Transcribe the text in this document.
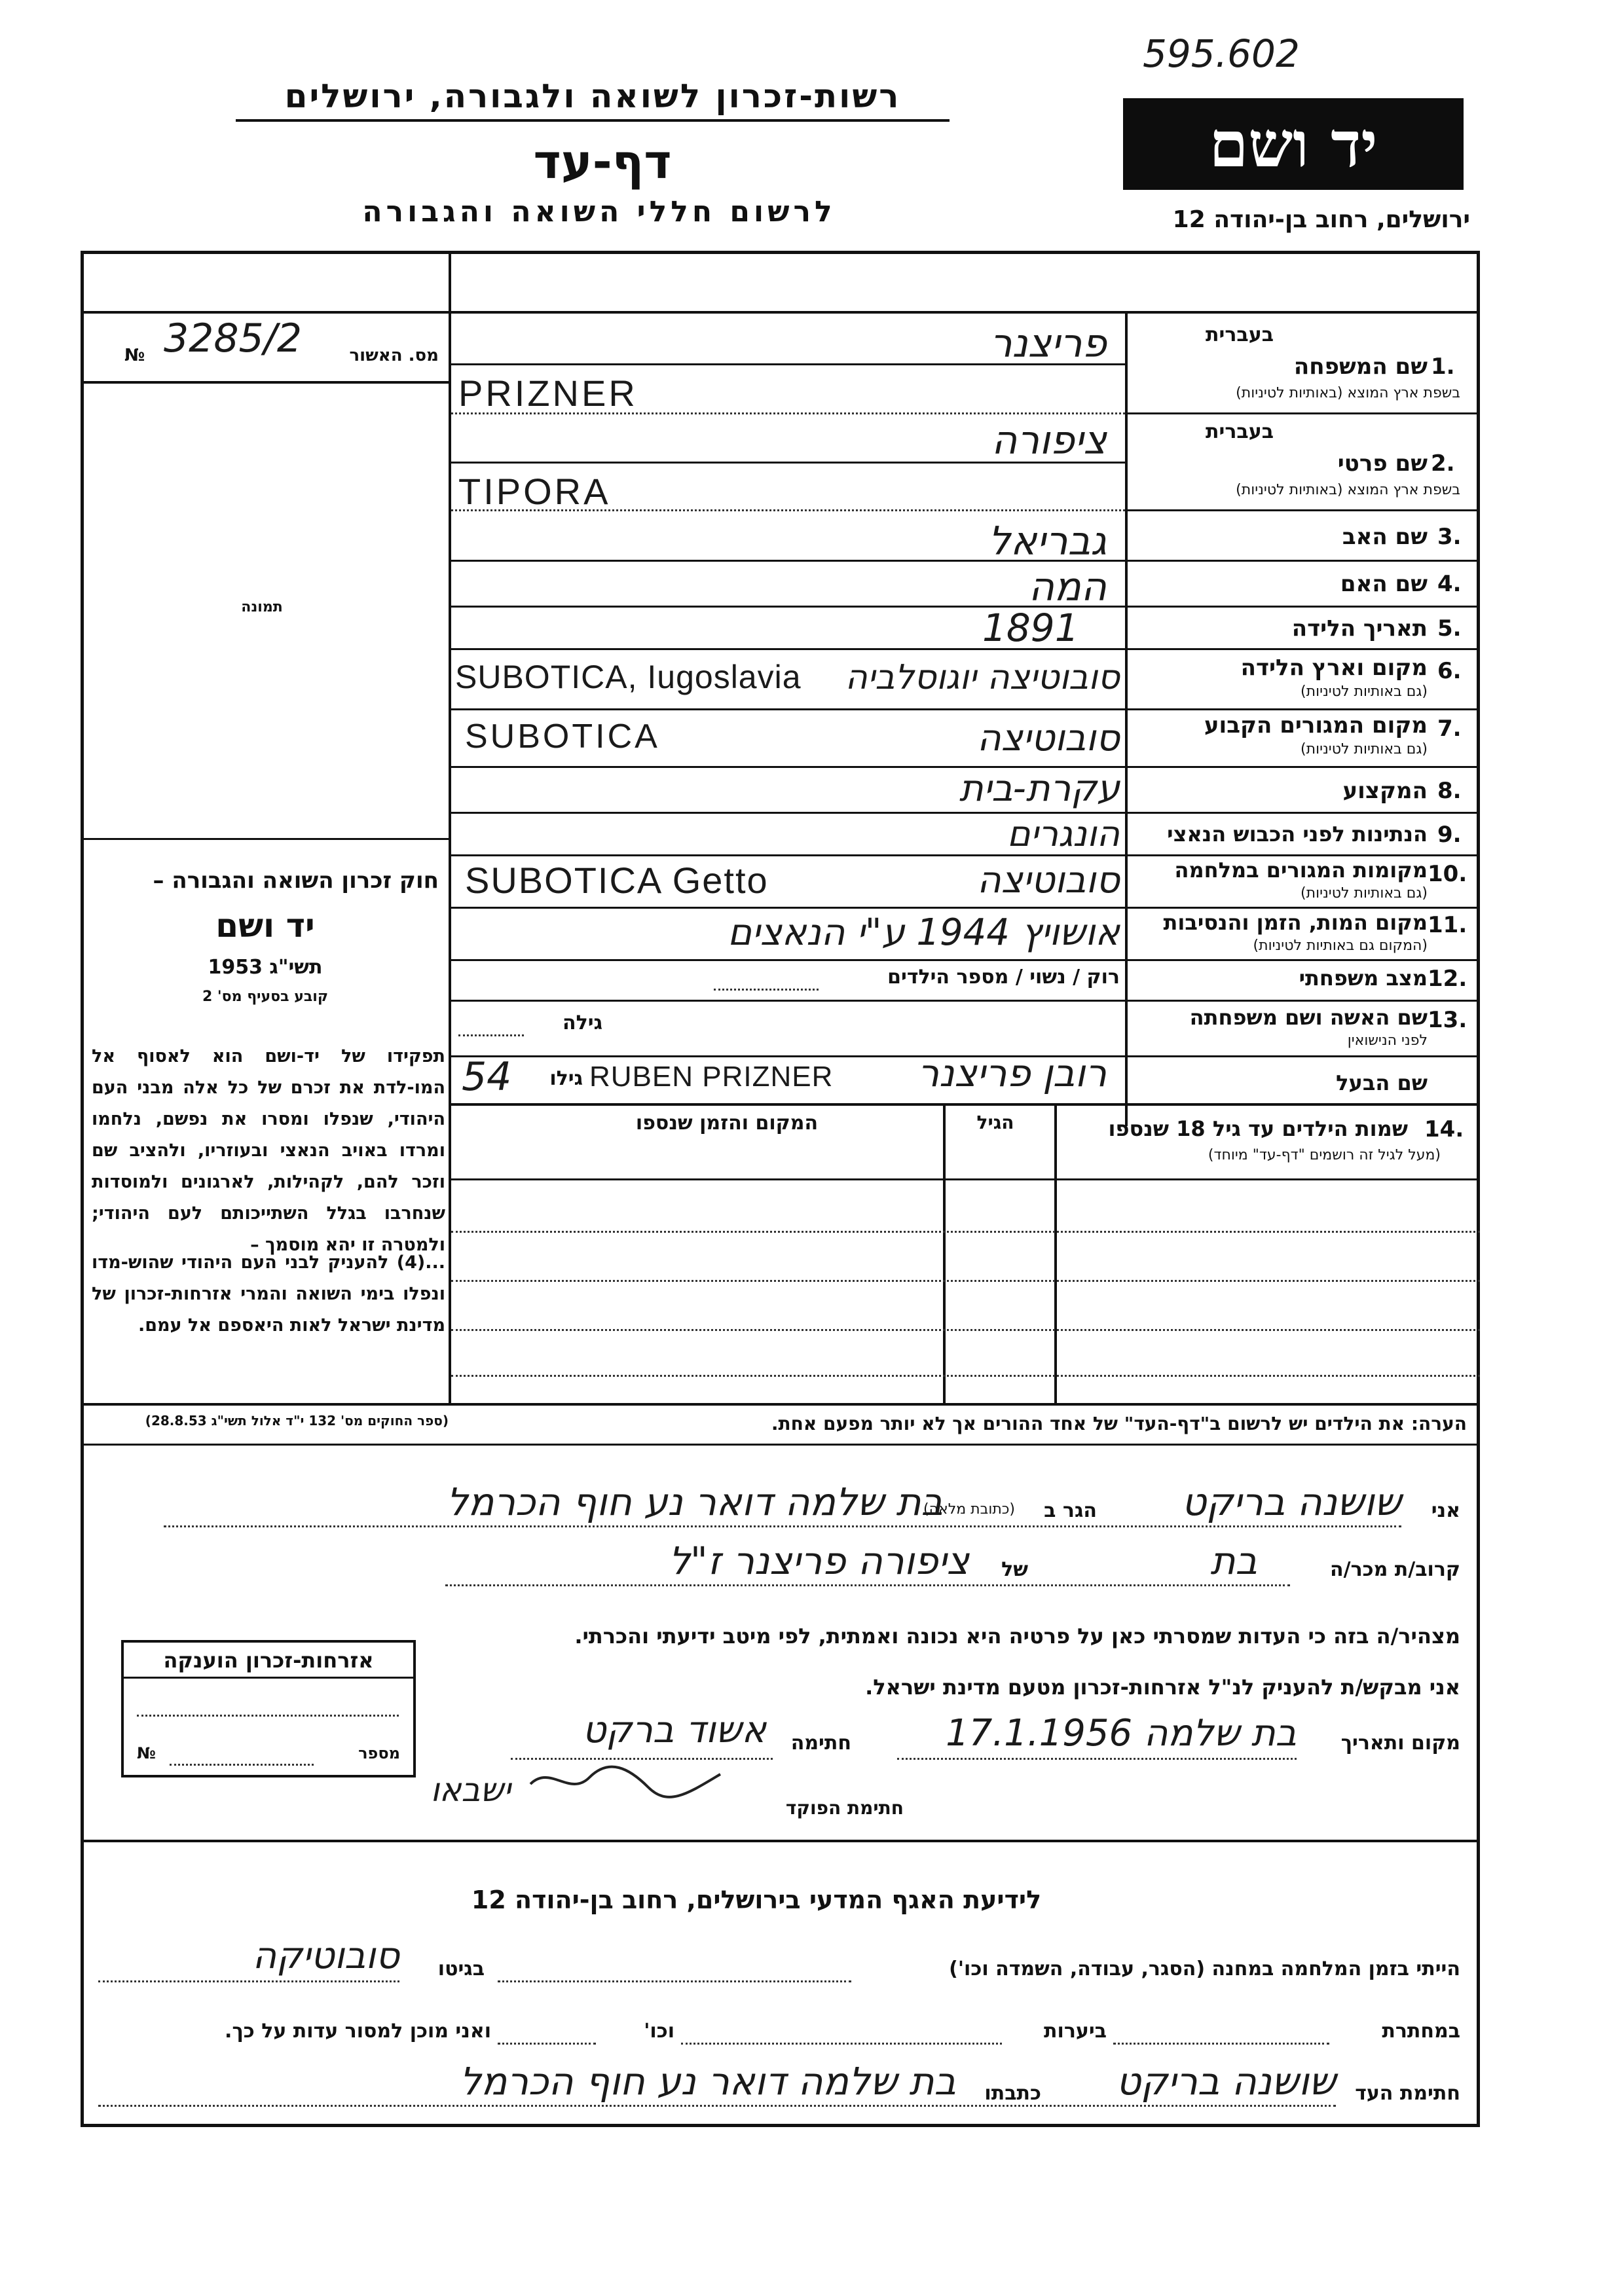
595.602
רשות-זכרון לשואה ולגבורה, ירושלים
דף-עד
לרשום חללי השואה והגבורה
יד ושם
ירושלים, רחוב בן-יהודה 12
3285/2
№	מס. האשור
תמונה
חוק זכרון השואה והגבורה –
יד ושם
תשי"ג 1953
קובע בסעיף מס' 2
תפקידו של יד-ושם הוא לאסוף אל המו-לדת את זכרם של כל אלה מבני העם היהודי, שנפלו ומסרו את נפשם, נלחמו ומרדו באויב הנאצי ובעוזריו, ולהציב שם וזכר להם, לקהילות, לארגונים ולמוסדות שנחרבו בגלל השתייכותם לעם היהודי; ולמטרה זו יהא מוסמך –
...(4) להעניק לבני העם היהודי שהוש-מדו ונפלו בימי השואה והמרי אזרחות-זכרון של מדינת ישראל לאות היאספם אל עמם.
(ספר החוקים מס' 132 י"ד אלול תשי"ג 28.8.53)
בעברית
שם המשפחה 1.
בשפת ארץ המוצא (באותיות לטיניות)
בעברית
שם פרטי 2.
בשפת ארץ המוצא (באותיות לטיניות)
שם האב 3.
שם האם 4.
תאריך הלידה 5.
מקום וארץ הלידה 6.
(גם באותיות לטיניות)
מקום המגורים הקבוע 7.
(גם באותיות לטיניות)
המקצוע 8.
הנתינות לפני הכבוש הנאצי 9.
מקומות המגורים במלחמה 10.
(גם באותיות לטיניות)
מקום המות, הזמן והנסיבות 11.
(המקום גם באותיות לטיניות)
מצב משפחתי 12.
שם האשה ושם משפחתה 13.
לפני הנישואין
שם הבעל
פריצנר
PRIZNER
ציפורה
TIPORA
גבריאל
המה
1891
סובוטיצה יוגוסלביה
SUBOTICA, Iugoslavia
סובוטיצה
SUBOTICA
עקרת-בית
הונגרים
סובוטיצה
SUBOTICA Getto
אושויץ 1944 ע"י הנאצים
רוק / נשוי / מספר הילדים
גילה
רובן פריצנר
RUBEN PRIZNER
גילו
54
שמות הילדים עד גיל 18 שנספו 14.
(מעל לגיל זה רושמים "דף-עד" מיוחד)
הגיל
המקום והזמן שנספו
הערה: את הילדים יש לרשום ב"דף-העד" של אחד ההורים אך לא יותר מפעם אחת.
אני
שושנה בריקט
הגר ב
(כתובת מלאה)
בת שלמה דואר נע חוף הכרמל
קרוב/ת מכר/ה
בת
של
ציפורה פריצנר ז"ל
מצהיר/ה בזה כי העדות שמסרתי כאן על פרטיה היא נכונה ואמתית, לפי מיטב ידיעתי והכרתי.
אני מבקש/ת להעניק לנ"ל אזרחות-זכרון מטעם מדינת ישראל.
מקום ותאריך
בת שלמה 17.1.1956
חתימה
אשוד ברקט
חתימת הפוקד
ישבאו
אזרחות-זכרון הוענקה
מספר
№
לידיעת האגף המדעי בירושלים, רחוב בן-יהודה 12
הייתי בזמן המלחמה במחנה (הסגר, עבודה, השמדה וכו')
בגיטו
סובוטיקה
במחתרת
ביערות
וכו'
ואני מוכן למסור עדות על כך.
חתימת העד
שושנה בריקט
כתבתו
בת שלמה דואר נע חוף הכרמל
